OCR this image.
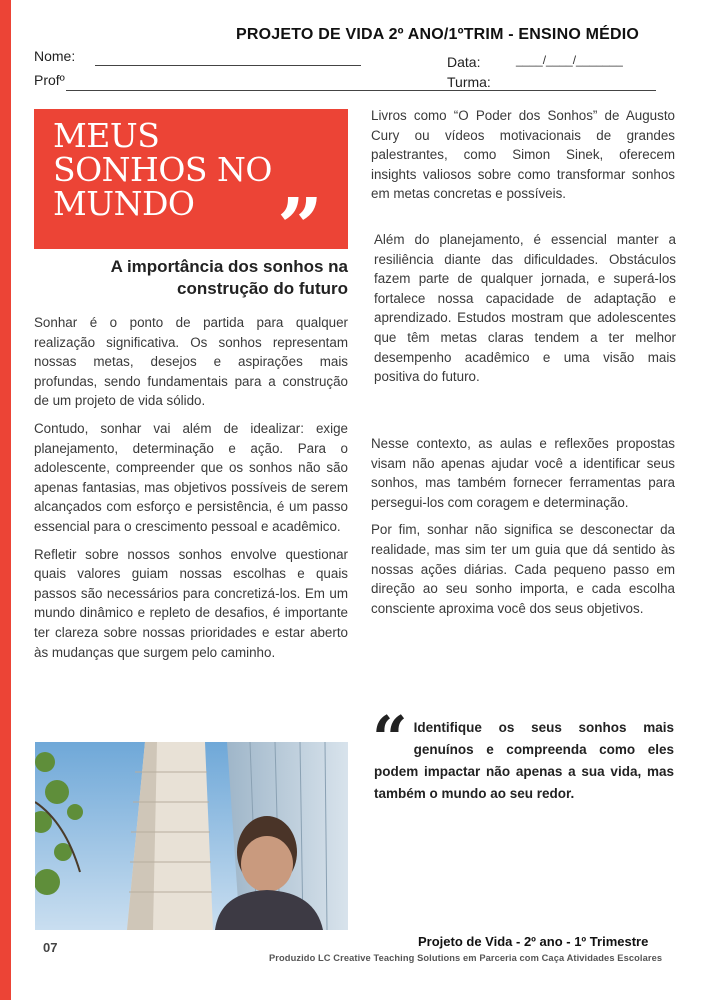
PROJETO DE VIDA 2º ANO/1ºTRIM - ENSINO MÉDIO
Nome:	Data:	____/____/_______
Profº	Turma:
MEUS
SONHOS NO
MUNDO	”
A importância dos sonhos na construção do futuro

Sonhar é o ponto de partida para qualquer realização significativa. Os sonhos representam nossas metas, desejos e aspirações mais profundas, sendo fundamentais para a construção de um projeto de vida sólido.

Contudo, sonhar vai além de idealizar: exige planejamento, determinação e ação. Para o adolescente, compreender que os sonhos não são apenas fantasias, mas objetivos possíveis de serem alcançados com esforço e persistência, é um passo essencial para o crescimento pessoal e acadêmico.

Refletir sobre nossos sonhos envolve questionar quais valores guiam nossas escolhas e quais passos são necessários para concretizá-los. Em um mundo dinâmico e repleto de desafios, é importante ter clareza sobre nossas prioridades e estar aberto às mudanças que surgem pelo caminho.

Livros como “O Poder dos Sonhos” de Augusto Cury ou vídeos motivacionais de grandes palestrantes, como Simon Sinek, oferecem insights valiosos sobre como transformar sonhos em metas concretas e possíveis.

Além do planejamento, é essencial manter a resiliência diante das dificuldades. Obstáculos fazem parte de qualquer jornada, e superá-los fortalece nossa capacidade de adaptação e aprendizado. Estudos mostram que adolescentes que têm metas claras tendem a ter melhor desempenho acadêmico e uma visão mais positiva do futuro.

Nesse contexto, as aulas e reflexões propostas visam não apenas ajudar você a identificar seus sonhos, mas também fornecer ferramentas para persegui-los com coragem e determinação.

Por fim, sonhar não significa se desconectar da realidade, mas sim ter um guia que dá sentido às nossas ações diárias. Cada pequeno passo em direção ao seu sonho importa, e cada escolha consciente aproxima você dos seus objetivos.

“ Identifique os seus sonhos mais genuínos e compreenda como eles podem impactar não apenas a sua vida, mas também o mundo ao seu redor.
07	Projeto de Vida - 2º ano - 1º Trimestre
Produzido LC Creative Teaching Solutions em Parceria com Caça Atividades Escolares
